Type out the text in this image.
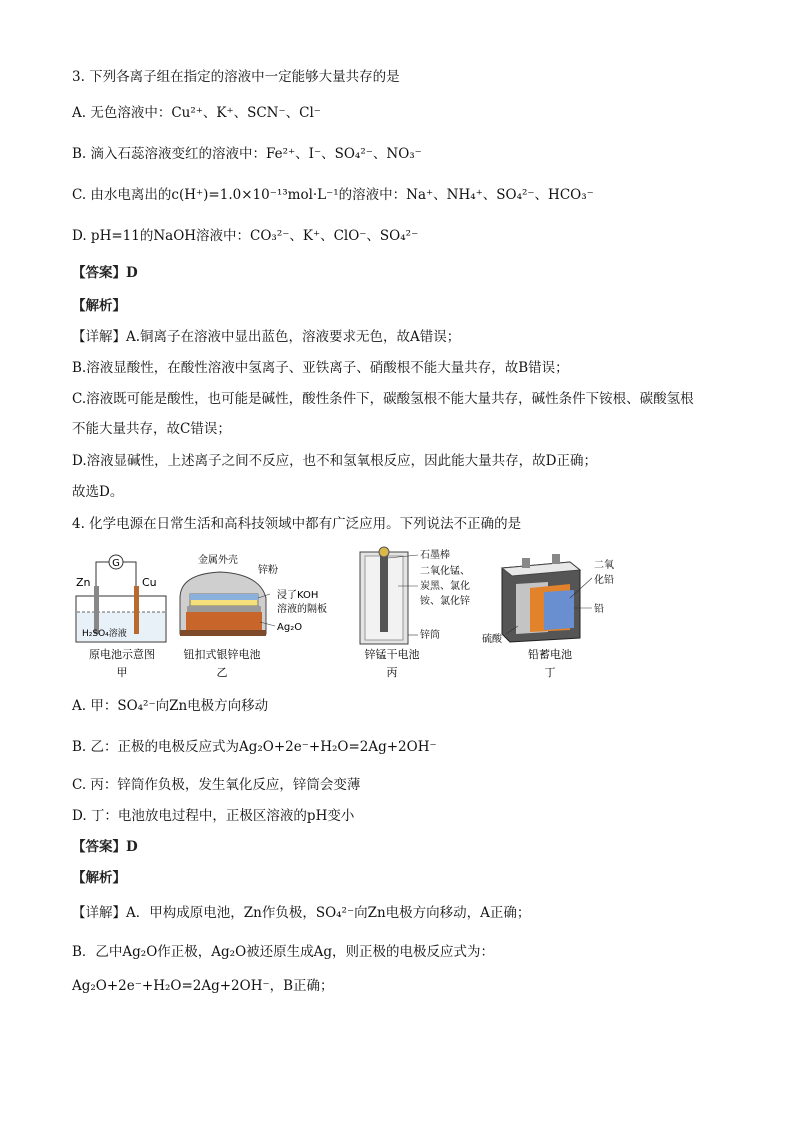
3. 下列各离子组在指定的溶液中一定能够大量共存的是
A. 无色溶液中：Cu²⁺、K⁺、SCN⁻、Cl⁻
B. 滴入石蕊溶液变红的溶液中：Fe²⁺、I⁻、SO₄²⁻、NO₃⁻
C. 由水电离出的c(H⁺)=1.0×10⁻¹³mol·L⁻¹的溶液中：Na⁺、NH₄⁺、SO₄²⁻、HCO₃⁻
D. pH=11的NaOH溶液中：CO₃²⁻、K⁺、ClO⁻、SO₄²⁻
【答案】D
【解析】
【详解】A.铜离子在溶液中显出蓝色，溶液要求无色，故A错误；
B.溶液显酸性，在酸性溶液中氢离子、亚铁离子、硝酸根不能大量共存，故B错误；
C.溶液既可能是酸性，也可能是碱性，酸性条件下，碳酸氢根不能大量共存，碱性条件下铵根、碳酸氢根
不能大量共存，故C错误；
D.溶液显碱性，上述离子之间不反应，也不和氢氧根反应，因此能大量共存，故D正确；
故选D。
4. 化学电源在日常生活和高科技领域中都有广泛应用。下列说法不正确的是
G
Zn	Cu
H₂SO₄溶液
原电池示意图
甲
金属外壳
锌粉
浸了KOH
溶液的隔板
Ag₂O
钮扣式银锌电池
乙
石墨棒
二氧化锰、
炭黑、氯化
铵、氯化锌
锌筒
锌锰干电池
丙
二氧
化铅
铅
硫酸
铅蓄电池
丁
A. 甲：SO₄²⁻向Zn电极方向移动
B. 乙：正极的电极反应式为Ag₂O+2e⁻+H₂O=2Ag+2OH⁻
C. 丙：锌筒作负极，发生氧化反应，锌筒会变薄
D. 丁：电池放电过程中，正极区溶液的pH变小
【答案】D
【解析】
【详解】A．甲构成原电池，Zn作负极，SO₄²⁻向Zn电极方向移动，A正确；
B．乙中Ag₂O作正极，Ag₂O被还原生成Ag，则正极的电极反应式为：
Ag₂O+2e⁻+H₂O=2Ag+2OH⁻，B正确；
